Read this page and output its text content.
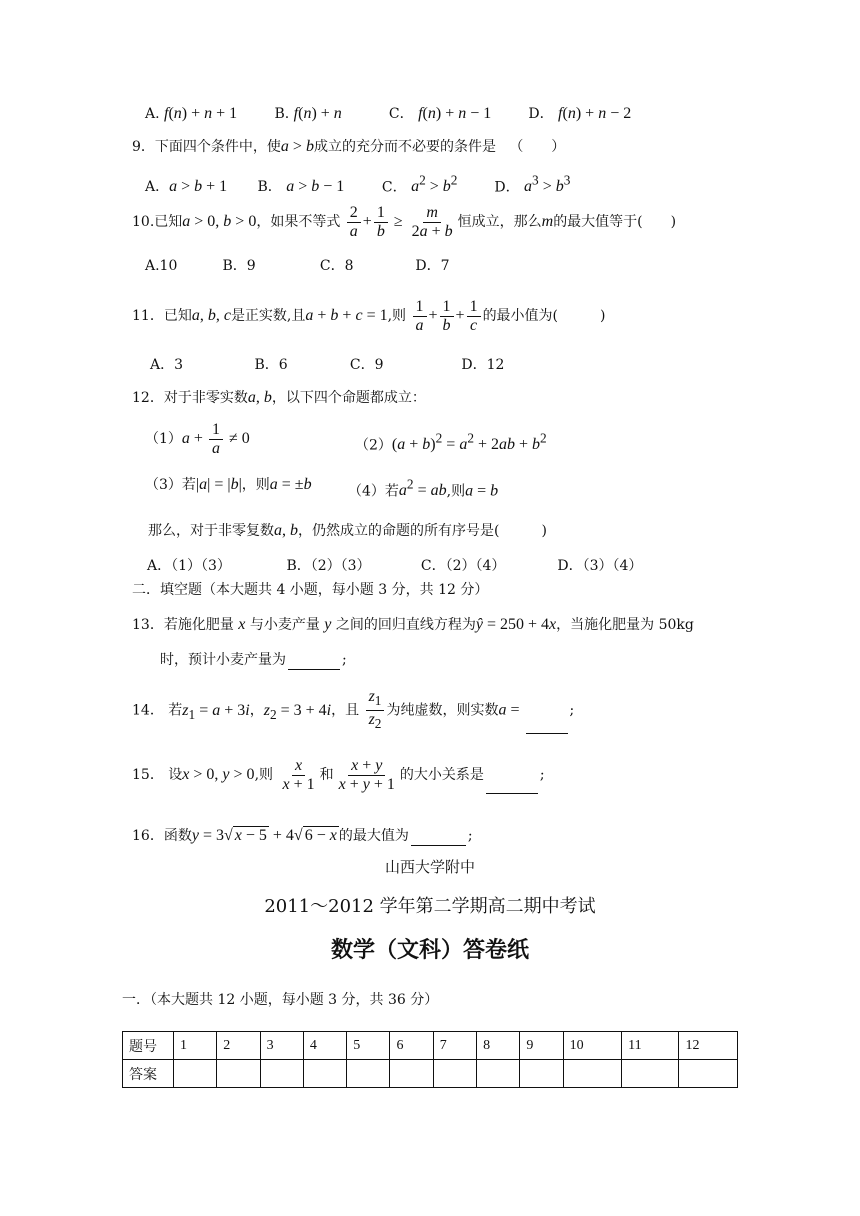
A. f(n) + n + 1	B. f(n) + n	C． f(n) + n − 1	D． f(n) + n − 2
9．下面四个条件中，使a > b成立的充分而不必要的条件是 （　　）
A．a > b + 1 B． a > b − 1	C． $a^2 > b^2$	D． $a^3 > b^3$
10.已知a > 0, b > 0，如果不等式 $\frac{2}{a} + \frac{1}{b} \ge \frac{m}{2a + b}$ 恒成立，那么m的最大值等于(　　)
A.10	B．9	C．8	D．7
11．已知a, b, c是正实数,且a + b + c = 1,则 $\frac{1}{a} + \frac{1}{b} + \frac{1}{c}$ 的最小值为(　　　)
A．3	B．6	C．9	D．12
12．对于非零实数a, b，以下四个命题都成立：
$(1)a + \frac{1}{a} \ne 0$	$(2)(a + b)^2 = a^2 + 2ab + b^2$
（3）若|a| = |b|，则a = ±b	（4）若$a^2$ = ab,则a = b
那么，对于非零复数a, b，仍然成立的命题的所有序号是(　　　)
A．（1）（3）	B．（2）（3）	C．（2）（4）	D．（3）（4）
二．填空题（本大题共 4 小题，每小题 3 分，共 12 分）
13．若施化肥量 x 与小麦产量 y 之间的回归直线方程为ŷ = 250 + 4x，当施化肥量为 50kg
时，预计小麦产量为	;
14． 若$z_1 = a + 3i$，$z_2 = 3 + 4i$，且 $\frac{z_1}{z_2}$ 为纯虚数，则实数a =	;
15． 设x > 0, y > 0,则 $\frac{x}{x + 1}$ 和 $\frac{x + y}{x + y + 1}$ 的大小关系是	;
16．函数y = 3√ x − 5 + 4√ 6 − x 的最大值为	;
山西大学附中
2011～2012 学年第二学期高二期中考试
数学（文科）答卷纸
一．（本大题共 12 小题，每小题 3 分，共 36 分）
题号	1	2	3	4	5	6	7	8	9	10	11	12
答案												
